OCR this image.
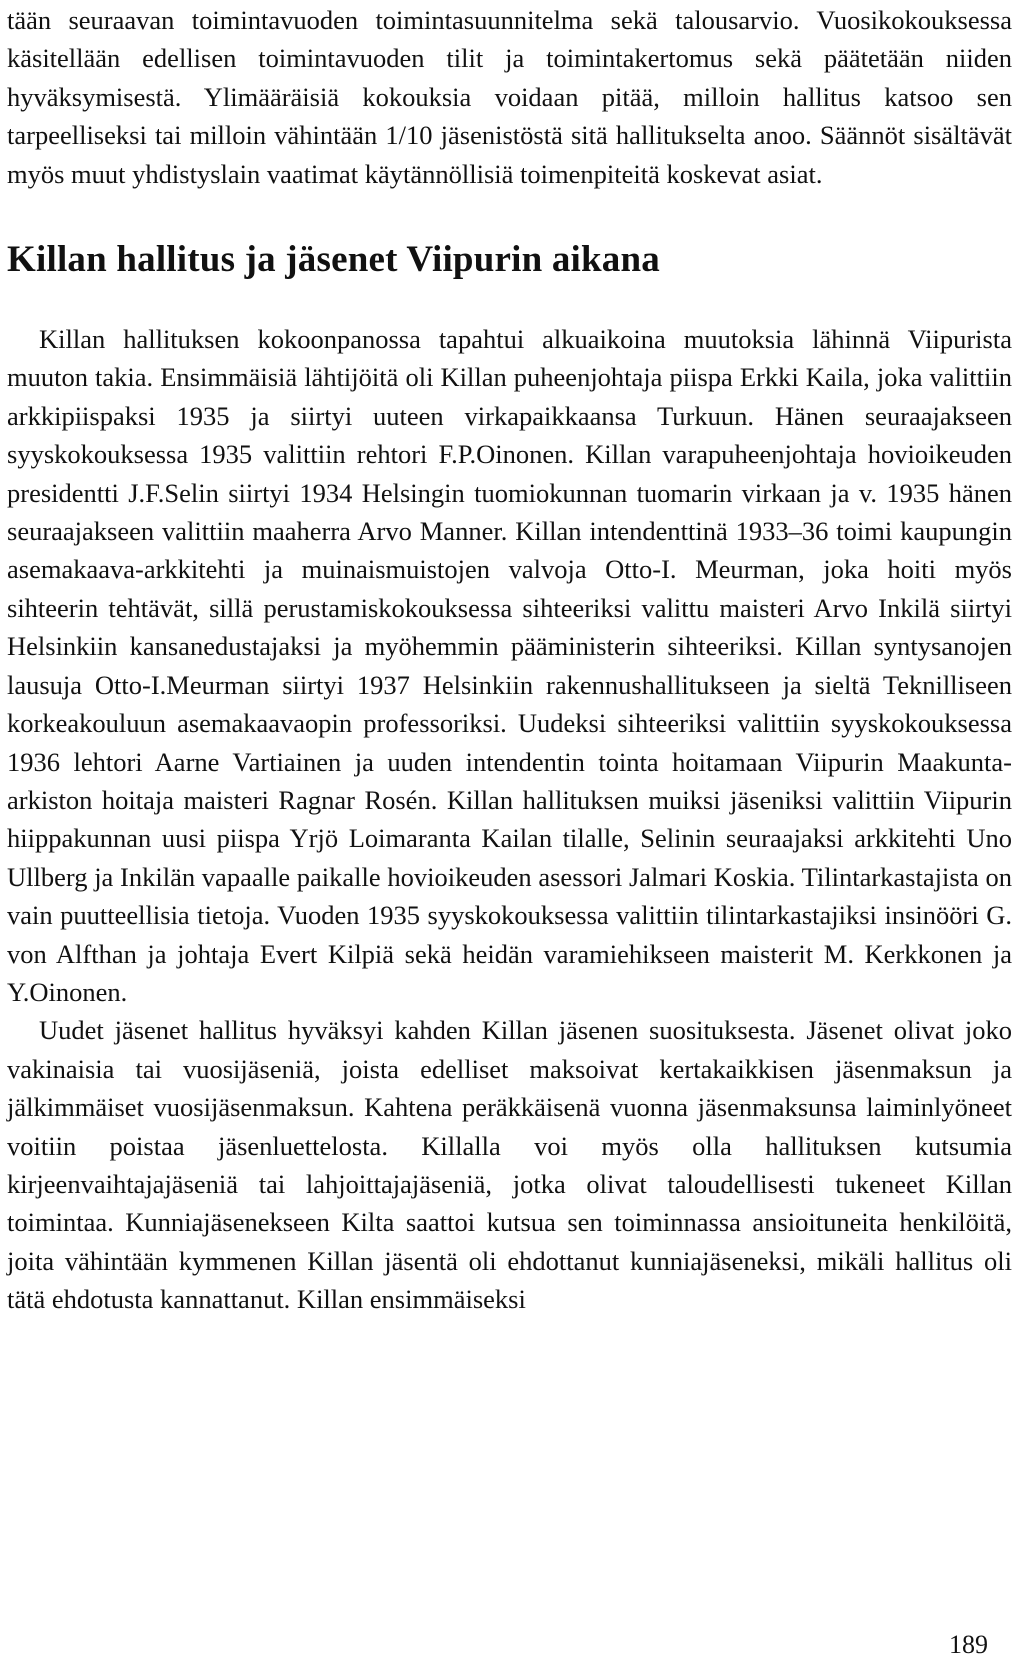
tään seuraavan toimintavuoden toimintasuunnitelma sekä talousarvio. Vuosikokouksessa käsitellään edellisen toimintavuoden tilit ja toimintakertomus sekä päätetään niiden hyväksymisestä. Ylimääräisiä kokouksia voidaan pitää, milloin hallitus katsoo sen tarpeelliseksi tai milloin vähintään 1/10 jäsenistöstä sitä hallitukselta anoo. Säännöt sisältävät myös muut yhdistyslain vaatimat käytännöllisiä toimenpiteitä koskevat asiat.

Killan hallitus ja jäsenet Viipurin aikana

Killan hallituksen kokoonpanossa tapahtui alkuaikoina muutoksia lähinnä Viipurista muuton takia. Ensimmäisiä lähtijöitä oli Killan puheenjohtaja piispa Erkki Kaila, joka valittiin arkkipiispaksi 1935 ja siirtyi uuteen virkapaikkaansa Turkuun. Hänen seuraajakseen syyskokouksessa 1935 valittiin rehtori F.P.Oinonen. Killan varapuheenjohtaja hovioikeuden presidentti J.F.Selin siirtyi 1934 Helsingin tuomiokunnan tuomarin virkaan ja v. 1935 hänen seuraajakseen valittiin maaherra Arvo Manner. Killan intendenttinä 1933–36 toimi kaupungin asemakaava-arkkitehti ja muinaismuistojen valvoja Otto-I. Meurman, joka hoiti myös sihteerin tehtävät, sillä perustamiskokouksessa sihteeriksi valittu maisteri Arvo Inkilä siirtyi Helsinkiin kansanedustajaksi ja myöhemmin pääministerin sihteeriksi. Killan syntysanojen lausuja Otto-I.Meurman siirtyi 1937 Helsinkiin rakennushallitukseen ja sieltä Teknilliseen korkeakouluun asemakaavaopin professoriksi. Uudeksi sihteeriksi valittiin syyskokouksessa 1936 lehtori Aarne Vartiainen ja uuden intendentin tointa hoitamaan Viipurin Maakunta-arkiston hoitaja maisteri Ragnar Rosén. Killan hallituksen muiksi jäseniksi valittiin Viipurin hiippakunnan uusi piispa Yrjö Loimaranta Kailan tilalle, Selinin seuraajaksi arkkitehti Uno Ullberg ja Inkilän vapaalle paikalle hovioikeuden asessori Jalmari Koskia. Tilintarkastajista on vain puutteellisia tietoja. Vuoden 1935 syyskokouksessa valittiin tilintarkastajiksi insinööri G. von Alfthan ja johtaja Evert Kilpiä sekä heidän varamiehikseen maisterit M. Kerkkonen ja Y.Oinonen.

Uudet jäsenet hallitus hyväksyi kahden Killan jäsenen suosituksesta. Jäsenet olivat joko vakinaisia tai vuosijäseniä, joista edelliset maksoivat kertakaikkisen jäsenmaksun ja jälkimmäiset vuosijäsenmaksun. Kahtena peräkkäisenä vuonna jäsenmaksunsa laiminlyöneet voitiin poistaa jäsenluettelosta. Killalla voi myös olla hallituksen kutsumia kirjeenvaihtajajäseniä tai lahjoittajajäseniä, jotka olivat taloudellisesti tukeneet Killan toimintaa. Kunniajäsenekseen Kilta saattoi kutsua sen toiminnassa ansioituneita henkilöitä, joita vähintään kymmenen Killan jäsentä oli ehdottanut kunniajäseneksi, mikäli hallitus oli tätä ehdotusta kannattanut. Killan ensimmäiseksi

189
